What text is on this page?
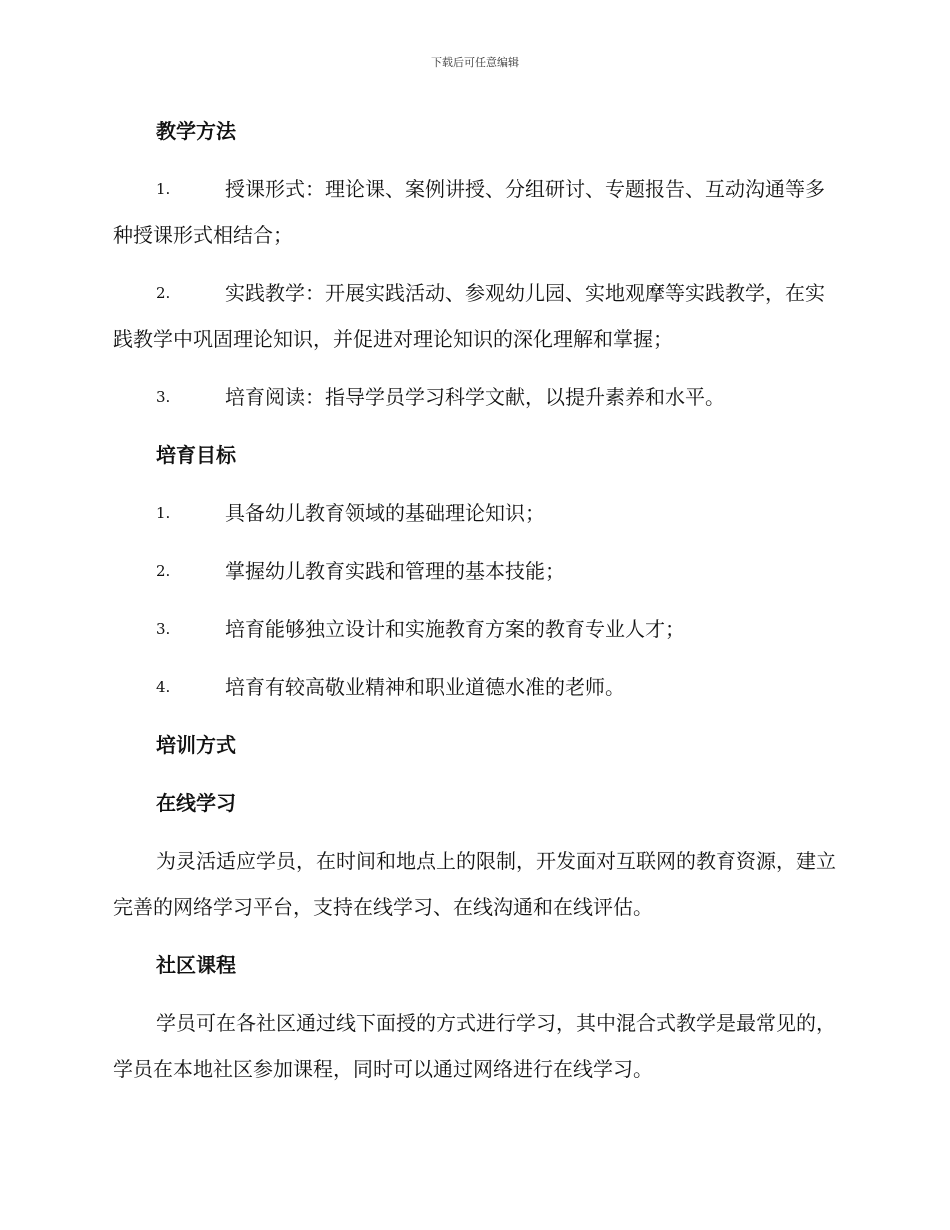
下载后可任意编辑
教学方法
1.	授课形式：理论课、案例讲授、分组研讨、专题报告、互动沟通等多种授课形式相结合；
2.	实践教学：开展实践活动、参观幼儿园、实地观摩等实践教学，在实践教学中巩固理论知识，并促进对理论知识的深化理解和掌握；
3.	培育阅读：指导学员学习科学文献，以提升素养和水平。
培育目标
1.	具备幼儿教育领域的基础理论知识；
2.	掌握幼儿教育实践和管理的基本技能；
3.	培育能够独立设计和实施教育方案的教育专业人才；
4.	培育有较高敬业精神和职业道德水准的老师。
培训方式
在线学习

为灵活适应学员，在时间和地点上的限制，开发面对互联网的教育资源，建立完善的网络学习平台，支持在线学习、在线沟通和在线评估。

社区课程

学员可在各社区通过线下面授的方式进行学习，其中混合式教学是最常见的，学员在本地社区参加课程，同时可以通过网络进行在线学习。
